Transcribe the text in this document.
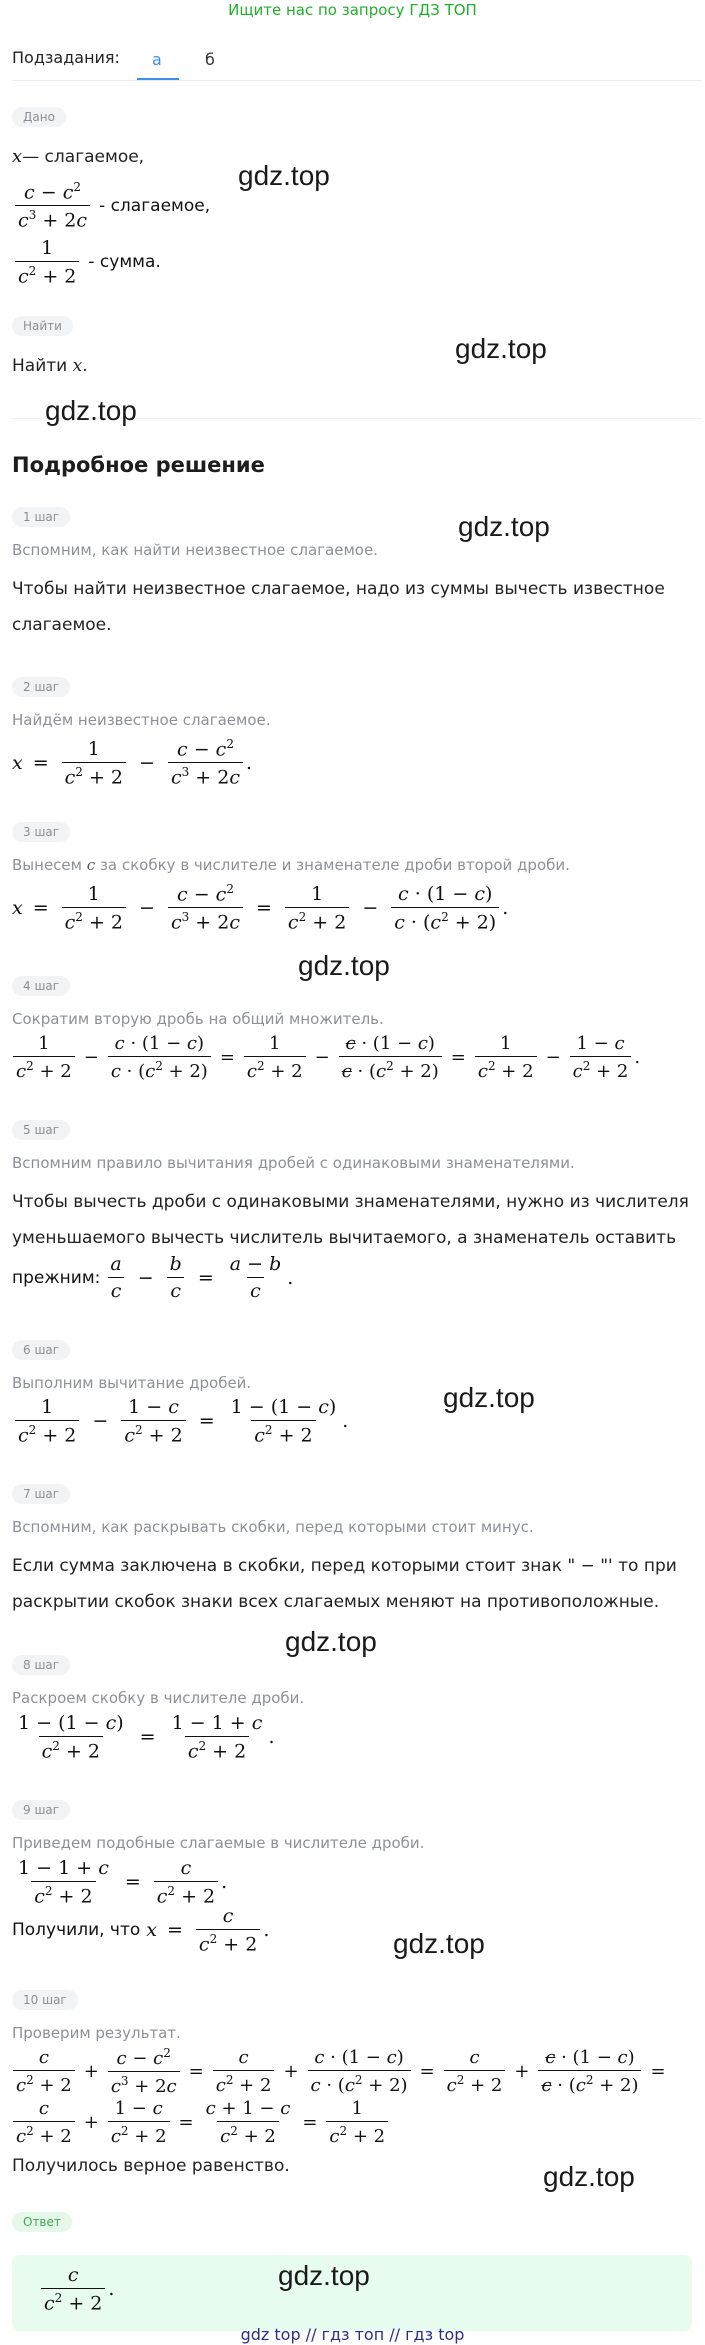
Ищите нас по запросу ГДЗ ТОП
Подзадания: а	б
Дано
x— слагаемое,
$\frac{c - c^2}{c^3 + 2c}$ - слагаемое,
$\frac{1}{c^2 + 2}$ - сумма.
Найти
Найти x.
Подробное решение
1 шаг
Вспомним, как найти неизвестное слагаемое.
Чтобы найти неизвестное слагаемое, надо из суммы вычесть известное
слагаемое.
2 шаг
Найдём неизвестное слагаемое.
$x = \frac{1}{c^2 + 2} - \frac{c - c^2}{c^3 + 2c}$ .
3 шаг
Вынесем c за скобку в числителе и знаменателе дроби второй дроби.
$x = \frac{1}{c^2 + 2} - \frac{c - c^2}{c^3 + 2c} = \frac{1}{c^2 + 2} - \frac{c \cdot (1 - c)}{c \cdot (c^2 + 2)}$ .
4 шаг
Сократим вторую дробь на общий множитель.
$\frac{1}{c^2 + 2} - \frac{c \cdot (1 - c)}{c \cdot (c^2 + 2)} = \frac{1}{c^2 + 2} - \frac{c \cdot (1 - c)}{c \cdot (c^2 + 2)} = \frac{1}{c^2 + 2} - \frac{1 - c}{c^2 + 2}$ .
5 шаг
Вспомним правило вычитания дробей с одинаковыми знаменателями.
Чтобы вычесть дроби с одинаковыми знаменателями, нужно из числителя
уменьшаемого вычесть числитель вычитаемого, а знаменатель оставить
прежним: $\frac{a}{c} - \frac{b}{c} = \frac{a - b}{c}$ .
6 шаг
Выполним вычитание дробей.
$\frac{1}{c^2 + 2} - \frac{1 - c}{c^2 + 2} = \frac{1 - (1 - c)}{c^2 + 2}$ .
7 шаг
Вспомним, как раскрывать скобки, перед которыми стоит минус.
Если сумма заключена в скобки, перед которыми стоит знак " − "' то при
раскрытии скобок знаки всех слагаемых меняют на противоположные.
8 шаг
Раскроем скобку в числителе дроби.
$\frac{1 - (1 - c)}{c^2 + 2} = \frac{1 - 1 + c}{c^2 + 2}$ .
9 шаг
Приведем подобные слагаемые в числителе дроби.
$\frac{1 - 1 + c}{c^2 + 2} = \frac{c}{c^2 + 2}$ .
Получили, что $x = \frac{c}{c^2 + 2}$ .
10 шаг
Проверим результат.
$\frac{c}{c^2 + 2} + \frac{c - c^2}{c^3 + 2c} = \frac{c}{c^2 + 2} + \frac{c \cdot (1 - c)}{c \cdot (c^2 + 2)} = \frac{c}{c^2 + 2} + \frac{c \cdot (1 - c)}{c \cdot (c^2 + 2)}$ =
$\frac{c}{c^2 + 2} + \frac{1 - c}{c^2 + 2} = \frac{c + 1 - c}{c^2 + 2} = \frac{1}{c^2 + 2}$
Получилось верное равенство.
Ответ
$\frac{c}{c^2 + 2}$ .
gdz.top
gdz.top
gdz.top
gdz.top
gdz.top
gdz.top
gdz.top
gdz.top
gdz.top
gdz.top
gdz top // гдз топ // гдз top
